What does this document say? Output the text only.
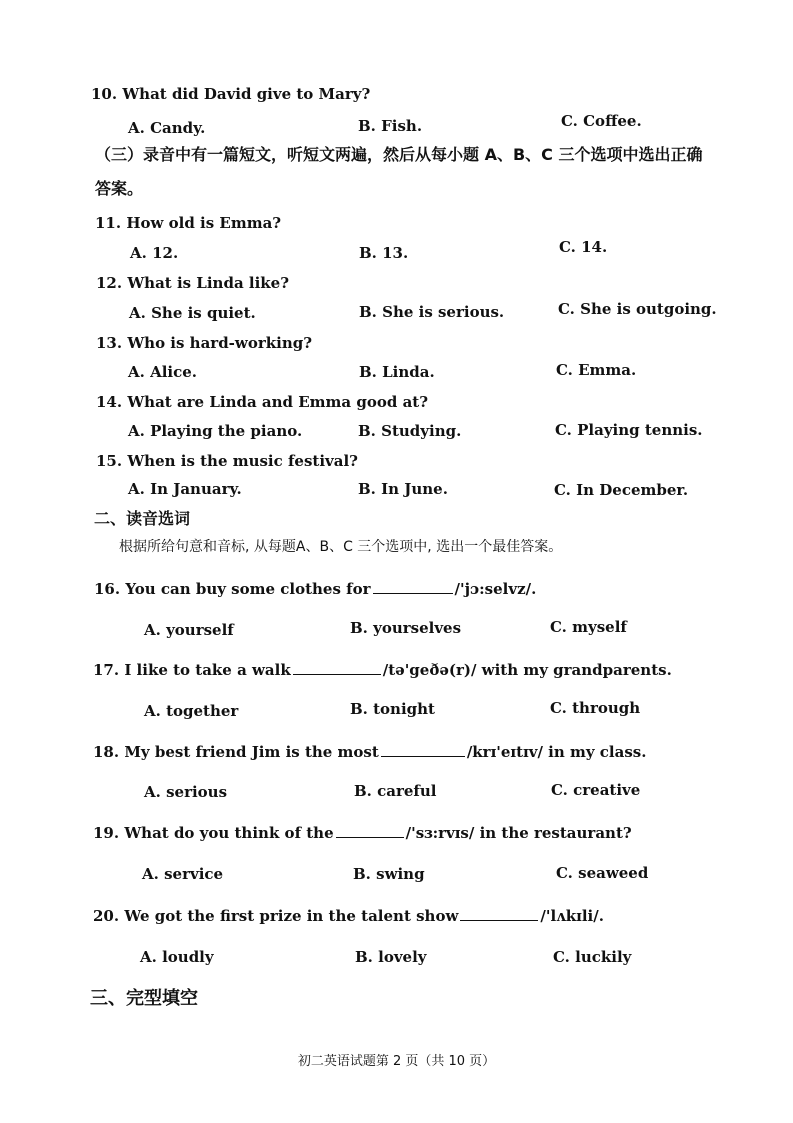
10. What did David give to Mary?
A. Candy.	B. Fish.	C. Coffee.
（三）录音中有一篇短文，听短文两遍，然后从每小题 A、B、C 三个选项中选出正确
答案。
11. How old is Emma?
A. 12.	B. 13.	C. 14.
12. What is Linda like?
A. She is quiet.	B. She is serious.	C. She is outgoing.
13. Who is hard-working?
A. Alice.	B. Linda.	C. Emma.
14. What are Linda and Emma good at?
A. Playing the piano.	B. Studying.	C. Playing tennis.
15. When is the music festival?
A. In January.	B. In June.	C. In December.
二、读音选词
根据所给句意和音标, 从每题A、B、C 三个选项中, 选出一个最佳答案。
16. You can buy some clothes for	/'jɔ:selvz/.
A. yourself	B. yourselves	C. myself
17. I like to take a walk	/tə'geðə(r)/ with my grandparents.
A. together	B. tonight	C. through
18. My best friend Jim is the most	/krɪ'eɪtɪv/ in my class.
A. serious	B. careful	C. creative
19. What do you think of the	/'sɜ:rvɪs/ in the restaurant?
A. service	B. swing	C. seaweed
20. We got the first prize in the talent show	/'lʌkɪli/.
A. loudly	B. lovely	C. luckily
三、完型填空
初二英语试题第 2 页（共 10 页）
